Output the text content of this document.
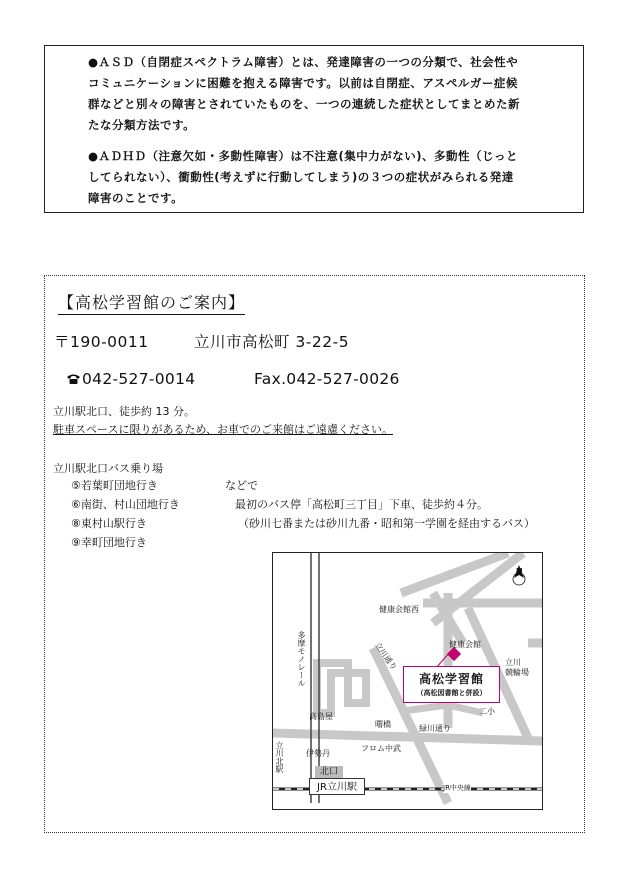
●ＡＳＤ（自閉症スペクトラム障害）とは、発達障害の一つの分類で、社会性や
コミュニケーションに困難を抱える障害です。以前は自閉症、アスペルガー症候
群などと別々の障害とされていたものを、一つの連続した症状としてまとめた新
たな分類方法です。
●ＡＤＨＤ（注意欠如・多動性障害）は不注意(集中力がない)、多動性（じっと
してられない）、衝動性(考えずに行動してしまう)の３つの症状がみられる発達
障害のことです。
【高松学習館のご案内】
〒190-0011	立川市高松町 3-22-5
042-527-0014	Fax.042-527-0026
立川駅北口、徒歩約 13 分。
駐車スペースに限りがあるため、お車でのご来館はご遠慮ください。
立川駅北口バス乗り場
⑤若葉町団地行き
⑥南街、村山団地行き
⑧東村山駅行き
⑨幸町団地行き
などで
最初のバス停「高松町三丁目」下車、徒歩約４分。
（砂川七番または砂川九番・昭和第一学園を経由するバス）
N
健康会館西
健康会館
多摩モノレール	立川通り	立川
競輪場
高島屋
曙橋	緑川通り
二小
伊勢丹
フロム中武
立川北駅	北口
JR立川駅	JR中央線
高松学習館
（高松図書館と併設）
